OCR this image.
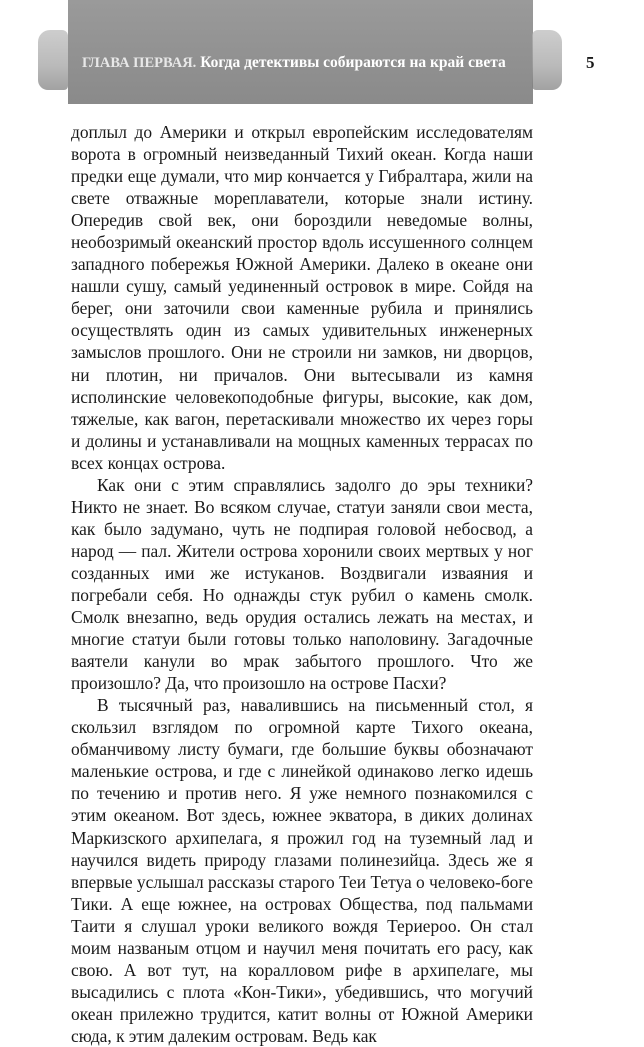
ГЛАВА ПЕРВАЯ. Когда детективы собираются на край света	5

доплыл до Америки и открыл европейским исследователям ворота в огромный неизведанный Тихий океан. Когда наши предки еще думали, что мир кончается у Гибралтара, жили на свете отважные мореплаватели, которые знали истину. Опередив свой век, они бороздили неведомые волны, необозримый океанский простор вдоль иссушенного солнцем западного побережья Южной Америки. Далеко в океане они нашли сушу, самый уединенный островок в мире. Сойдя на берег, они заточили свои каменные рубила и принялись осуществлять один из самых удивительных инженерных замыслов прошлого. Они не строили ни замков, ни дворцов, ни плотин, ни причалов. Они вытесывали из камня исполинские человекоподобные фигуры, высокие, как дом, тяжелые, как вагон, перетаскивали множество их через горы и долины и устанавливали на мощных каменных террасах по всех концах острова.

Как они с этим справлялись задолго до эры техники? Никто не знает. Во всяком случае, статуи заняли свои места, как было задумано, чуть не подпирая головой небосвод, а народ — пал. Жители острова хоронили своих мертвых у ног созданных ими же истуканов. Воздвигали изваяния и погребали себя. Но однажды стук рубил о камень смолк. Смолк внезапно, ведь орудия остались лежать на местах, и многие статуи были готовы только наполовину. Загадочные ваятели канули во мрак забытого прошлого. Что же произошло? Да, что произошло на острове Пасхи?

В тысячный раз, навалившись на письменный стол, я скользил взглядом по огромной карте Тихого океана, обманчивому листу бумаги, где большие буквы обозначают маленькие острова, и где с линейкой одинаково легко идешь по течению и против него. Я уже немного познакомился с этим океаном. Вот здесь, южнее экватора, в диких долинах Маркизского архипелага, я прожил год на туземный лад и научился видеть природу глазами полинезийца. Здесь же я впервые услышал рассказы старого Теи Тетуа о человеко-боге Тики. А еще южнее, на островах Общества, под пальмами Таити я слушал уроки великого вождя Териероо. Он стал моим названым отцом и научил меня почитать его расу, как свою. А вот тут, на коралловом рифе в архипелаге, мы высадились с плота «Кон-Тики», убедившись, что могучий океан прилежно трудится, катит волны от Южной Америки сюда, к этим далеким островам. Ведь как
